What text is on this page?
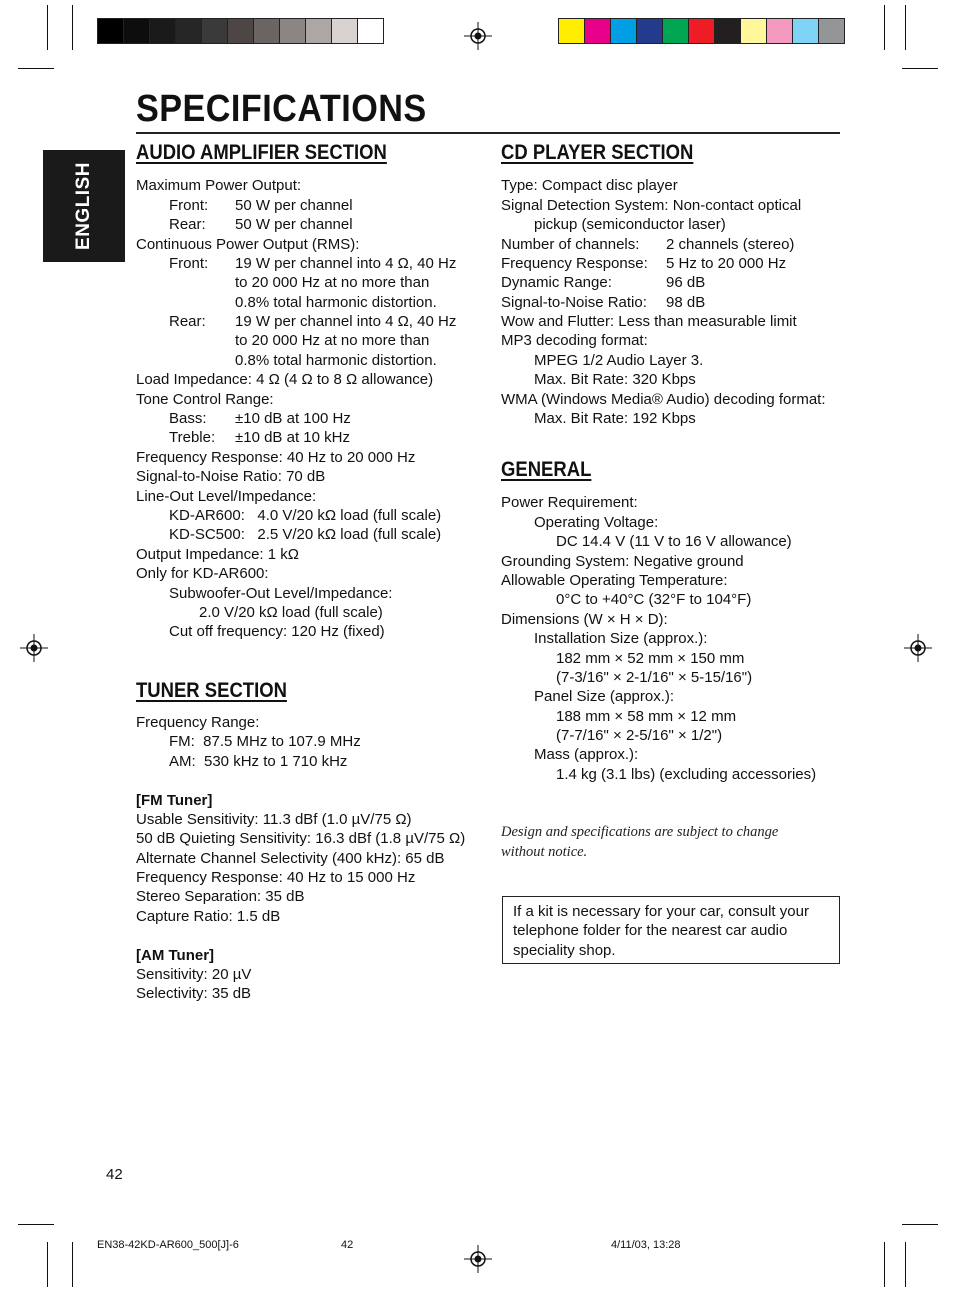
SPECIFICATIONS
ENGLISH
AUDIO AMPLIFIER SECTION
Maximum Power Output:
Front: 50 W per channel
Rear: 50 W per channel
Continuous Power Output (RMS):
Front: 19 W per channel into 4 Ω, 40 Hz
to 20 000 Hz at no more than
0.8% total harmonic distortion.
Rear: 19 W per channel into 4 Ω, 40 Hz
to 20 000 Hz at no more than
0.8% total harmonic distortion.
Load Impedance: 4 Ω (4 Ω to 8 Ω allowance)
Tone Control Range:
Bass: ±10 dB at 100 Hz
Treble: ±10 dB at 10 kHz
Frequency Response: 40 Hz to 20 000 Hz
Signal-to-Noise Ratio: 70 dB
Line-Out Level/Impedance:
KD-AR600:   4.0 V/20 kΩ load (full scale)
KD-SC500:   2.5 V/20 kΩ load (full scale)
Output Impedance: 1 kΩ
Only for KD-AR600:
Subwoofer-Out Level/Impedance:
2.0 V/20 kΩ load (full scale)
Cut off frequency: 120 Hz (fixed)
TUNER SECTION
Frequency Range:
FM:  87.5 MHz to 107.9 MHz
AM:  530 kHz to 1 710 kHz
[FM Tuner]
Usable Sensitivity: 11.3 dBf (1.0 µV/75 Ω)
50 dB Quieting Sensitivity: 16.3 dBf (1.8 µV/75 Ω)
Alternate Channel Selectivity (400 kHz): 65 dB
Frequency Response: 40 Hz to 15 000 Hz
Stereo Separation: 35 dB
Capture Ratio: 1.5 dB
[AM Tuner]
Sensitivity: 20 µV
Selectivity: 35 dB
CD PLAYER SECTION
Type: Compact disc player
Signal Detection System: Non-contact optical
pickup (semiconductor laser)
Number of channels: 2 channels (stereo)
Frequency Response: 5 Hz to 20 000 Hz
Dynamic Range:	96 dB
Signal-to-Noise Ratio: 98 dB
Wow and Flutter: Less than measurable limit
MP3 decoding format:
MPEG 1/2 Audio Layer 3.
Max. Bit Rate: 320 Kbps
WMA (Windows Media® Audio) decoding format:
Max. Bit Rate: 192 Kbps
GENERAL
Power Requirement:
Operating Voltage:
DC 14.4 V (11 V to 16 V allowance)
Grounding System: Negative ground
Allowable Operating Temperature:
0°C to +40°C (32°F to 104°F)
Dimensions (W × H × D):
Installation Size (approx.):
182 mm × 52 mm × 150 mm
(7-3/16" × 2-1/16" × 5-15/16")
Panel Size (approx.):
188 mm × 58 mm × 12 mm
(7-7/16" × 2-5/16" × 1/2")
Mass (approx.):
1.4 kg (3.1 lbs) (excluding accessories)
Design and specifications are subject to change
without notice.
If a kit is necessary for your car, consult your telephone folder for the nearest car audio speciality shop.
42
EN38-42KD-AR600_500[J]-6	42	4/11/03, 13:28
